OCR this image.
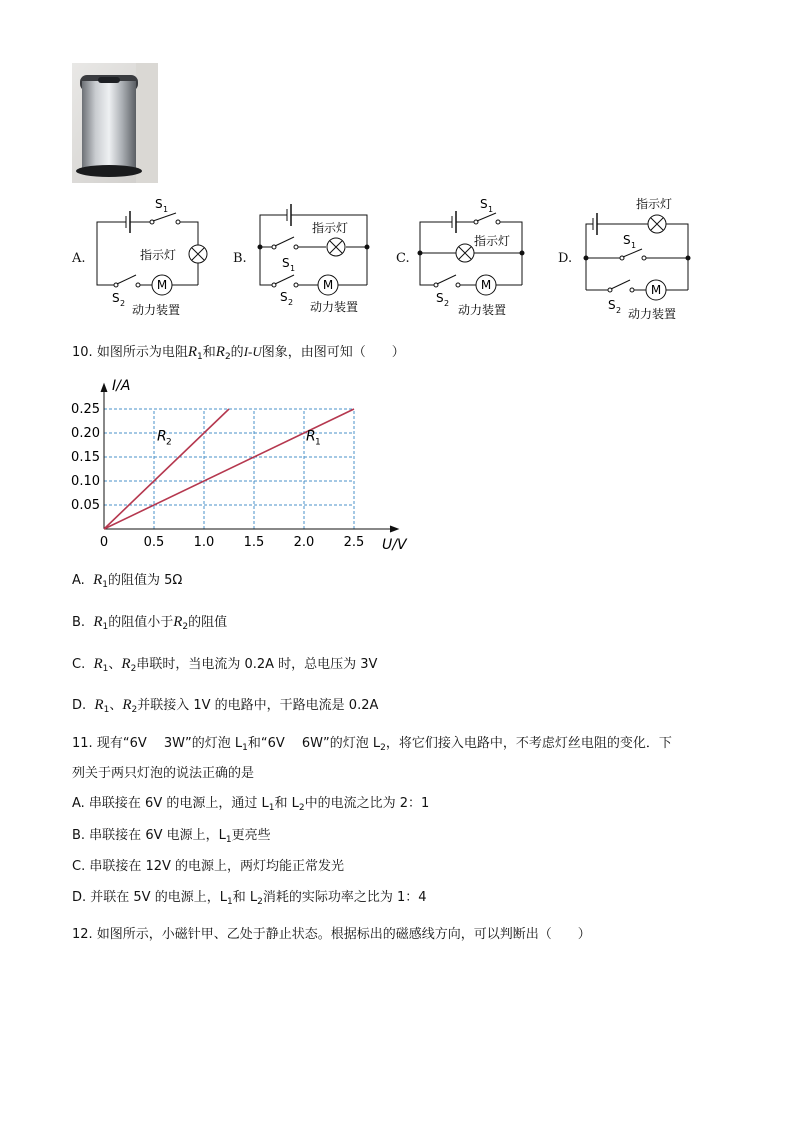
M
指示灯
S 1
S 2 动力装置
A.
M
指示灯
S 1
S 2 动力装置
B.
M
指示灯
S 1
S 2 动力装置
C.
M
指示灯
S 1
S 2 动力装置
D.
10. 如图所示为电阻$R_1$和$R_2$的I-U图象，由图可知（　　）
0	0.5 1.0 1.5 2.0 2.5
0.05
0.10
0.15
0.20
0.25
I/A
U/V
R 2	R 1
A. $R_1$的阻值为 5Ω
B. $R_1$的阻值小于$R_2$的阻值
C. $R_1$、$R_2$串联时，当电流为 0.2A 时，总电压为 3V
D. $R_1$、$R_2$并联接入 1V 的电路中，干路电流是 0.2A
11. 现有“6V　 3W”的灯泡 $L_1$和“6V　 6W”的灯泡 $L_2$，将它们接入电路中，不考虑灯丝电阻的变化．下
列关于两只灯泡的说法正确的是
A. 串联接在 6V 的电源上，通过 $L_1$和 $L_2$中的电流之比为 2：1
B. 串联接在 6V 电源上，$L_1$更亮些
C. 串联接在 12V 的电源上，两灯均能正常发光
D. 并联在 5V 的电源上，$L_1$和 $L_2$消耗的实际功率之比为 1：4
12. 如图所示，小磁针甲、乙处于静止状态。根据标出的磁感线方向，可以判断出（　　）
